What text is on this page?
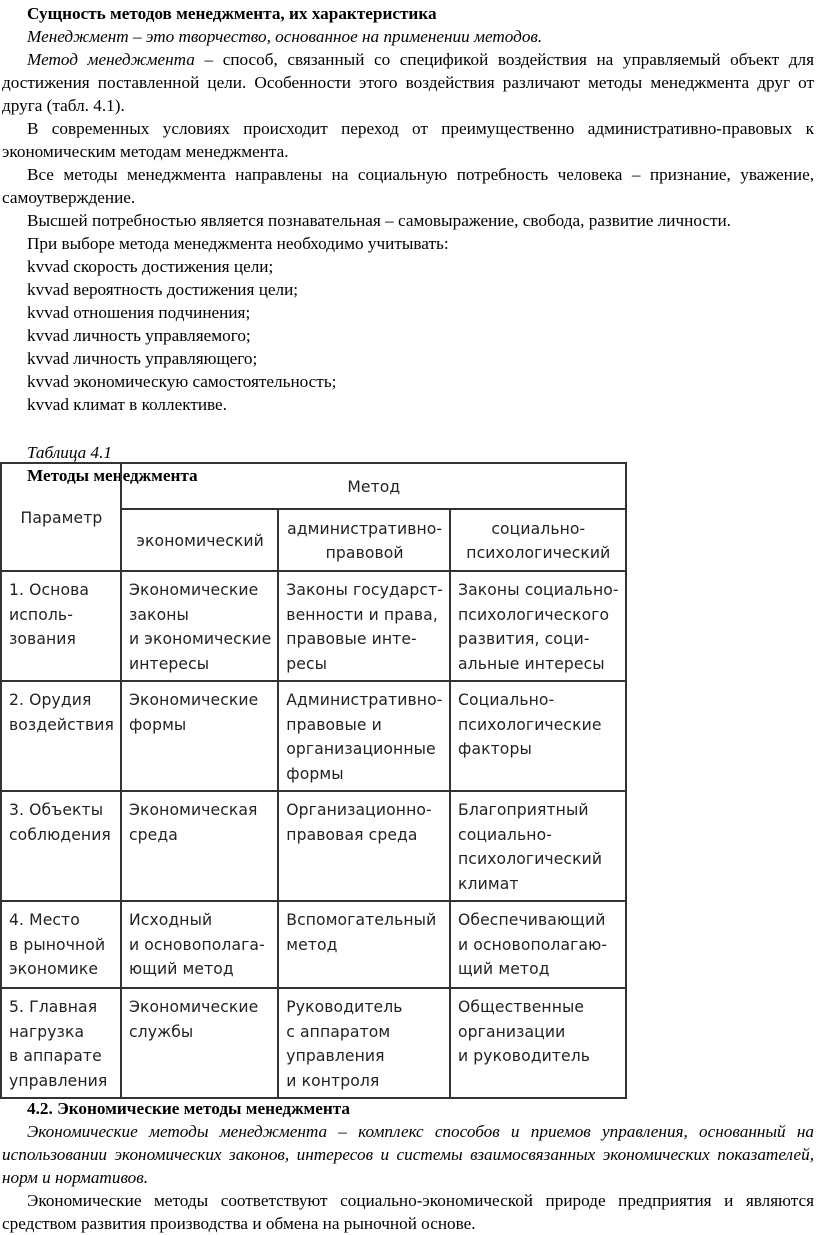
Сущность методов менеджмента, их характеристика

Менеджмент – это творчество, основанное на применении методов.

Метод менеджмента – способ, связанный со спецификой воздействия на управляемый объект для достижения поставленной цели. Особенности этого воздействия различают методы менеджмента друг от друга (табл. 4.1).

В современных условиях происходит переход от преимущественно административно-правовых к экономическим методам менеджмента.

Все методы менеджмента направлены на социальную потребность человека – признание, уважение, самоутверждение.

Высшей потребностью является познавательная – самовыражение, свобода, развитие личности.

При выборе метода менеджмента необходимо учитывать:

kvvad скорость достижения цели;

kvvad вероятность достижения цели;

kvvad отношения подчинения;

kvvad личность управляемого;

kvvad личность управляющего;

kvvad экономическую самостоятельность;

kvvad климат в коллективе.

Таблица 4.1

Методы менеджмента

Параметр	Метод		

	экономический	административно-
правовой	социально-
психологический

1. Основа
исполь-
зования	Экономические
законы
и экономические
интересы	Законы государст-
венности и права,
правовые инте-
ресы	Законы социально-
психологического
развития, соци-
альные интересы

2. Орудия
воздействия	Экономические
формы	Административно-
правовые и
организационные
формы	Социально-
психологические
факторы

3. Объекты
соблюдения	Экономическая
среда	Организационно-
правовая среда	Благоприятный
социально-
психологический
климат

4. Место
в рыночной
экономике	Исходный
и основополага-
ющий метод	Вспомогательный
метод	Обеспечивающий
и основополагаю-
щий метод

5. Главная
нагрузка
в аппарате
управления	Экономические
службы	Руководитель
с аппаратом
управления
и контроля	Общественные
организации
и руководитель

4.2. Экономические методы менеджмента

Экономические методы менеджмента – комплекс способов и приемов управления, основанный на использовании экономических законов, интересов и системы взаимосвязанных экономических показателей, норм и нормативов.

Экономические методы соответствуют социально-экономической природе предприятия и являются средством развития производства и обмена на рыночной основе.
